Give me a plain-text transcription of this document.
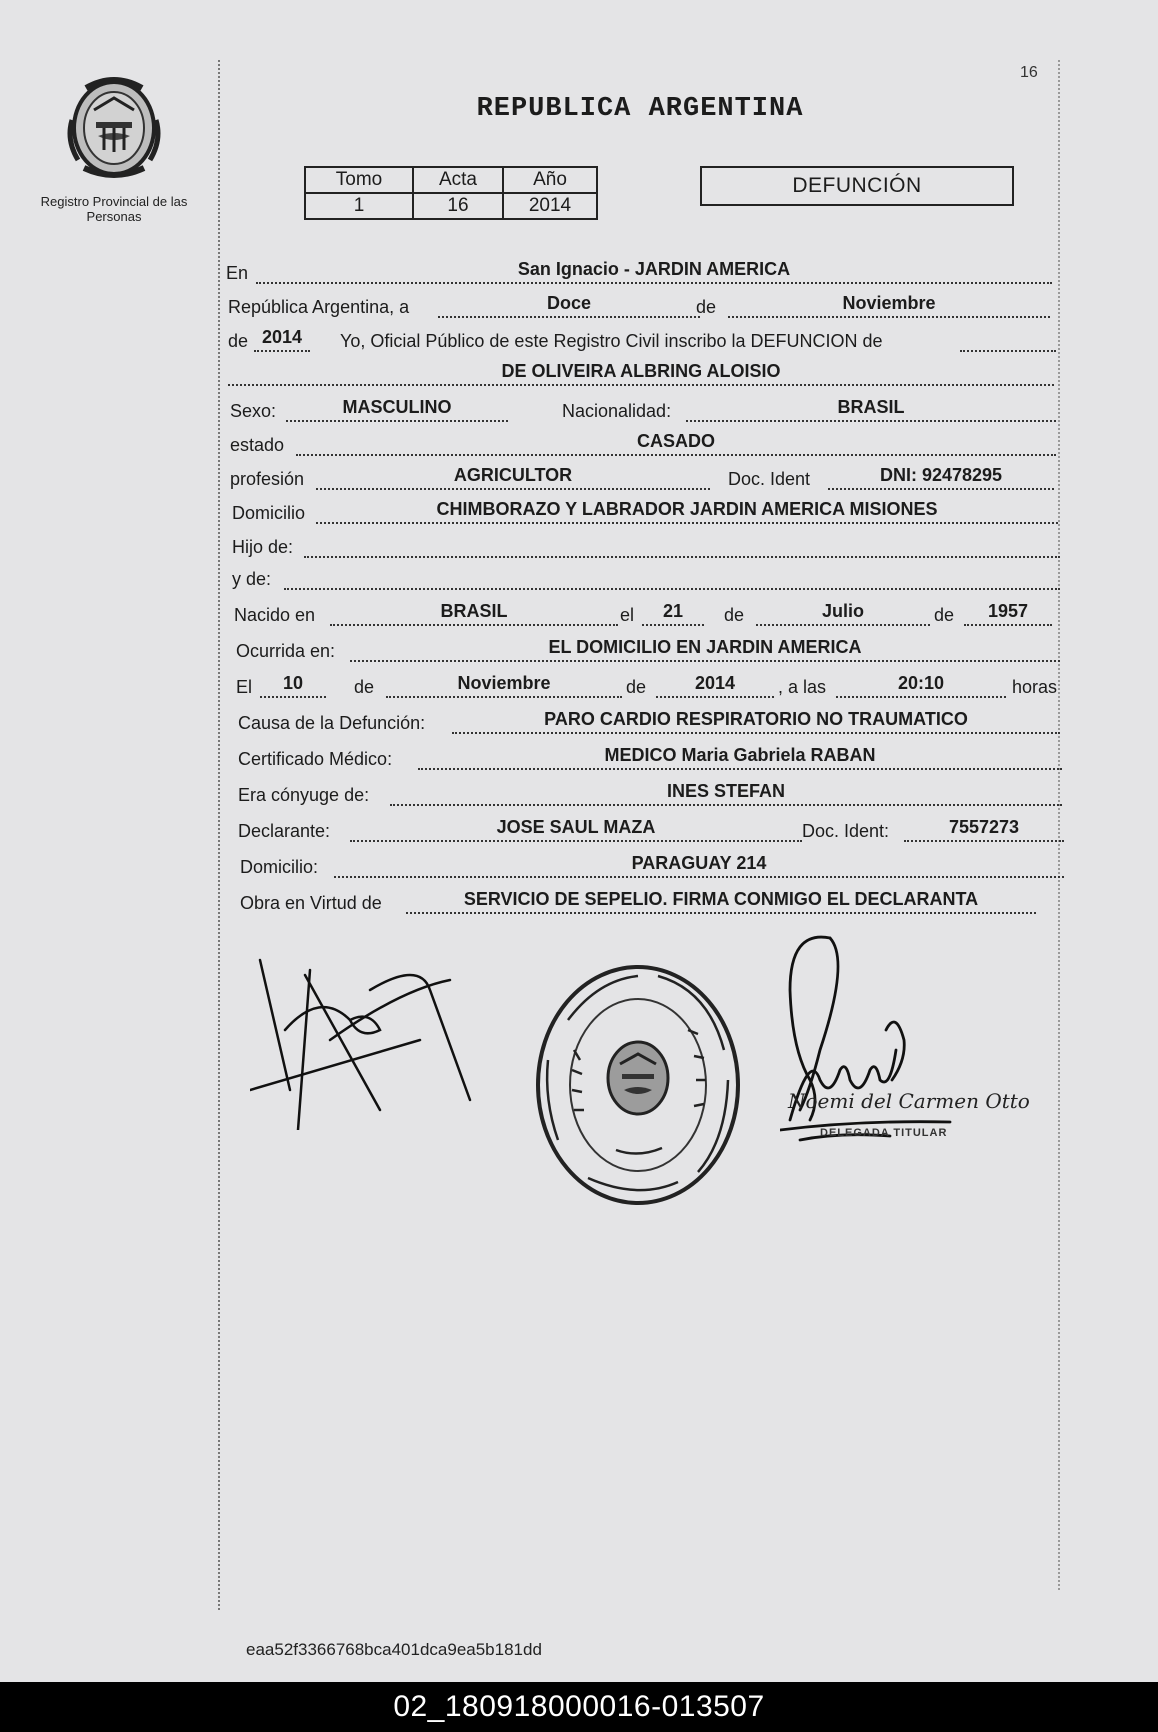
16
Registro Provincial de las Personas
REPUBLICA ARGENTINA
Tomo	Acta	Año
1	16	2014
DEFUNCIÓN
En	San Ignacio - JARDIN AMERICA
República Argentina, a	Doce	de	Noviembre
de 2014	Yo, Oficial Público de este Registro Civil inscribo la DEFUNCION de
DE OLIVEIRA ALBRING ALOISIO
Sexo:	MASCULINO	Nacionalidad:	BRASIL
estado	CASADO
profesión	AGRICULTOR	Doc. Ident	DNI: 92478295
Domicilio	CHIMBORAZO Y LABRADOR JARDIN AMERICA MISIONES
Hijo de:
y de:
Nacido en	BRASIL	el	21	de	Julio	de	1957
Ocurrida en:	EL DOMICILIO EN JARDIN AMERICA
El	10	de	Noviembre	de	2014	, a las	20:10	horas
Causa de la Defunción:	PARO CARDIO RESPIRATORIO NO TRAUMATICO
Certificado Médico:	MEDICO Maria Gabriela RABAN
Era cónyuge de:	INES STEFAN
Declarante:	JOSE SAUL MAZA	Doc. Ident:	7557273
Domicilio:	PARAGUAY 214
Obra en Virtud de	SERVICIO DE SEPELIO. FIRMA CONMIGO EL DECLARANTA
Noemi del Carmen Otto
DELEGADA TITULAR
eaa52f3366768bca401dca9ea5b181dd
02_180918000016-013507
